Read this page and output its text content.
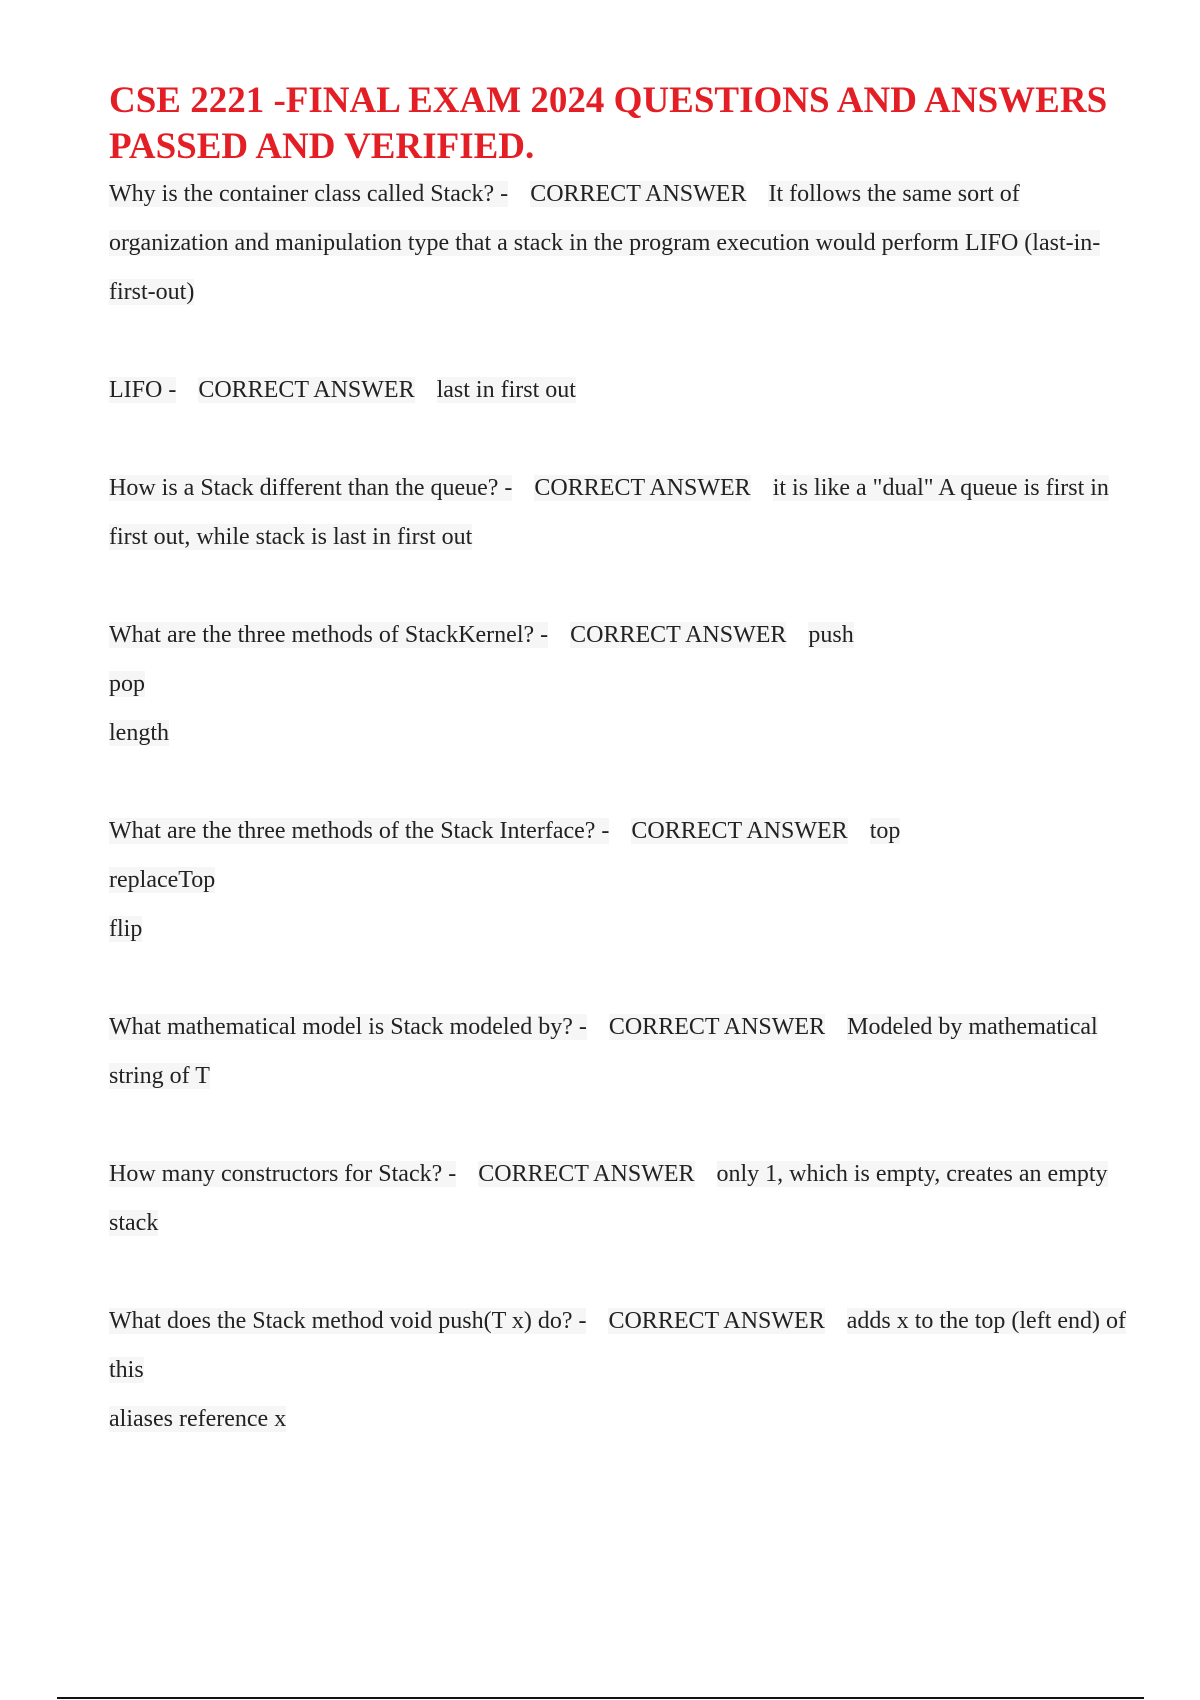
CSE 2221 -FINAL EXAM 2024 QUESTIONS AND ANSWERS PASSED AND VERIFIED.

Why is the container class called Stack? - CORRECT ANSWER It follows the same sort of organization and manipulation type that a stack in the program execution would perform LIFO (last-in-first-out)

LIFO - CORRECT ANSWER last in first out

How is a Stack different than the queue? - CORRECT ANSWER it is like a "dual" A queue is first in first out, while stack is last in first out

What are the three methods of StackKernel? - CORRECT ANSWER push
pop
length

What are the three methods of the Stack Interface? - CORRECT ANSWER top
replaceTop
flip

What mathematical model is Stack modeled by? - CORRECT ANSWER Modeled by mathematical string of T

How many constructors for Stack? - CORRECT ANSWER only 1, which is empty, creates an empty stack

What does the Stack method void push(T x) do? - CORRECT ANSWER adds x to the top (left end) of this
aliases reference x
